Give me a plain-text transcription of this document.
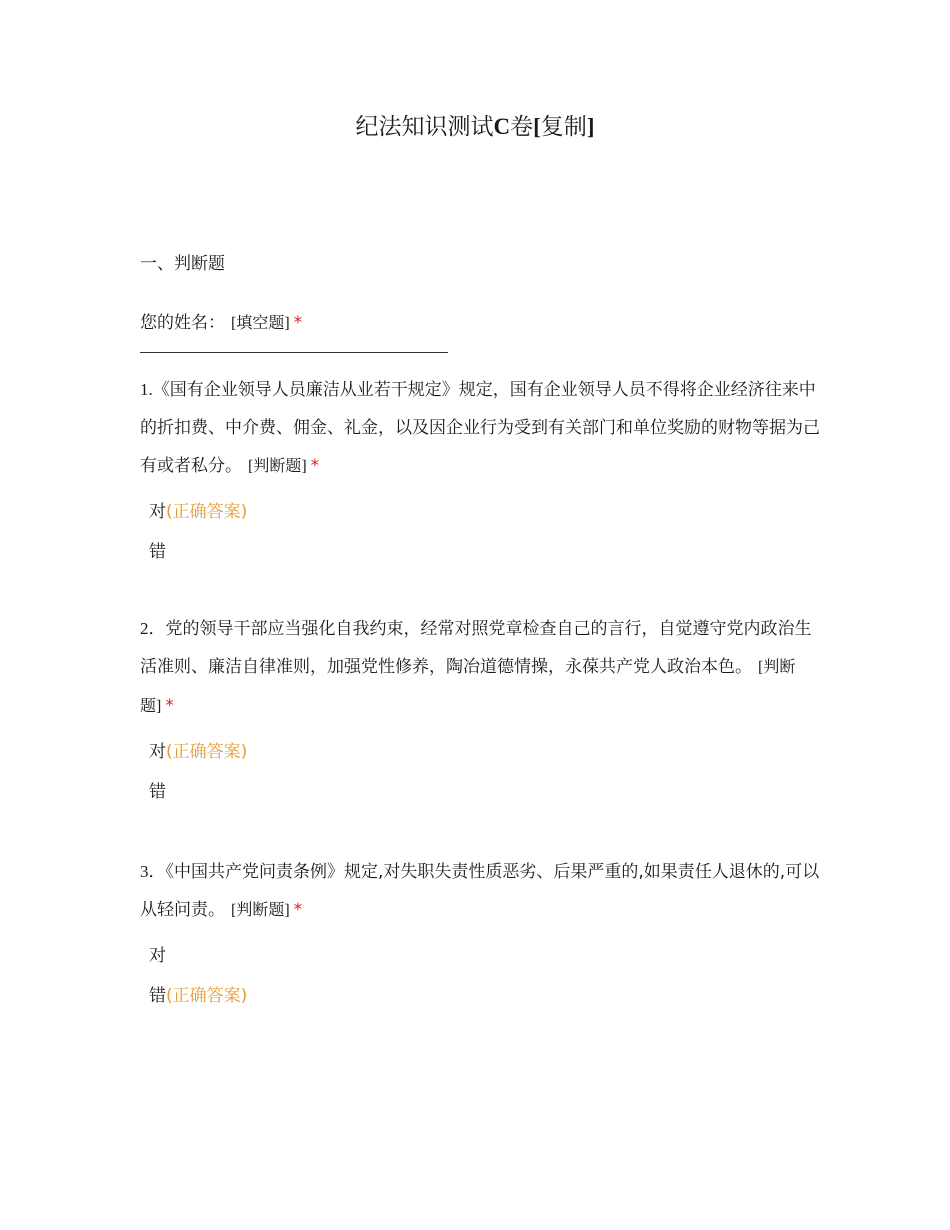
纪法知识测试C卷[复制]

一、判断题

您的姓名： [填空题] *

1.《国有企业领导人员廉洁从业若干规定》规定，国有企业领导人员不得将企业经济往来中的折扣费、中介费、佣金、礼金，以及因企业行为受到有关部门和单位奖励的财物等据为己有或者私分。 [判断题] *

对(正确答案)
错

2．党的领导干部应当强化自我约束，经常对照党章检查自己的言行，自觉遵守党内政治生活准则、廉洁自律准则，加强党性修养，陶冶道德情操，永葆共产党人政治本色。 [判断题] *

对(正确答案)
错

3．《中国共产党问责条例》规定,对失职失责性质恶劣、后果严重的,如果责任人退休的,可以从轻问责。 [判断题] *

对
错(正确答案)
